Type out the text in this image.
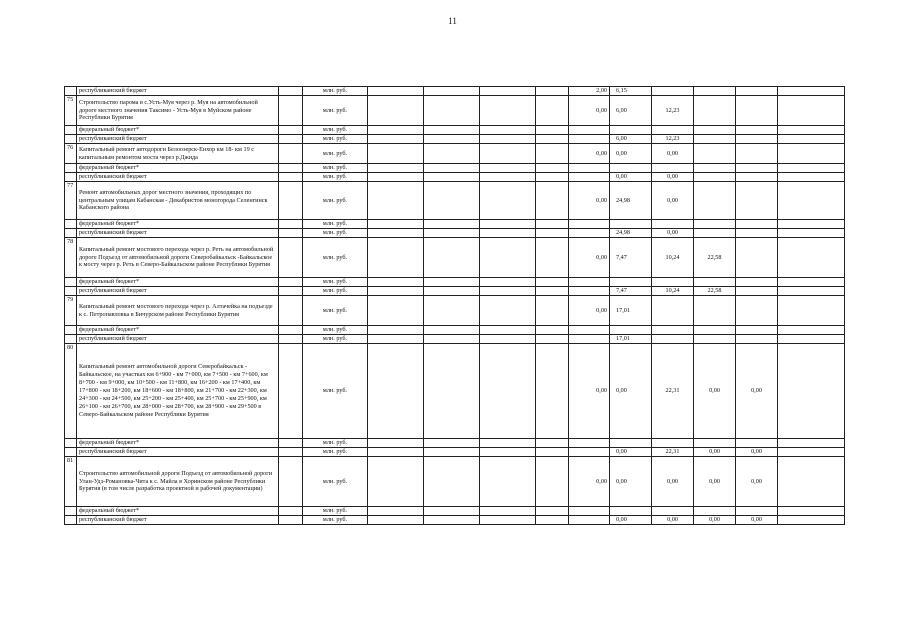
11
	республиканский бюджет		млн. руб.					2,00	6,15				
75	Строительство парома в с.Усть-Муя через р. Муя на автомобильной дороге местного значения Таксимо - Усть-Муя в Муйском районе Республики Бурятия		млн. руб.					0,00	6,00	12,23			
	федеральный бюджет*		млн. руб.										
	республиканский бюджет		млн. руб.						6,00	12,23			
76	Капитальный ремонт автодороги Белоозерск-Енхор км 18- км 19 с капитальным ремонтом моста через р.Джида		млн. руб.					0,00	0,00	0,00			
	федеральный бюджет*		млн. руб.										
	республиканский бюджет		млн. руб.						0,00	0,00			
77	Ремонт автомобильных дорог местного значения, проходящих по центральным улицам Кабанская - Декабристов моногорода Селенгинск Кабанского района		млн. руб.					0,00	24,98	0,00			
	федеральный бюджет*		млн. руб.										
	республиканский бюджет		млн. руб.						24,98	0,00			
78	Капитальный ремонт мостового перехода через р. Реть на автомобильной дороге Подъезд от автомобильной дороги Северобайкальск -Байкальское к мосту через р. Реть в Северо-Байкальском районе Республики Бурятия		млн. руб.					0,00	7,47	10,24	22,58		
	федеральный бюджет*		млн. руб.										
	республиканский бюджет		млн. руб.						7,47	10,24	22,58		
79	Капитальный ремонт мостового перехода через р. Алтачейка на подъезде к с. Петропавловка в Бичурском районе Республики Бурятия		млн. руб.					0,00	17,01				
	федеральный бюджет*		млн. руб.										
	республиканский бюджет		млн. руб.						17,01				
80	Капитальный ремонт автомобильной дороги Северобайкальск - Байкальское, на участках км 6+900 - км 7+000, км 7+500 - км 7+600, км 8+700 - км 9+000, км 10+500 - км 11+800, км 16+200 - км 17+400, км 17+800 - км 18+200, км 18+600 - км 18+800, км 21+700 - км 22+300, км 24+300 - км 24+500, км 25+200 - км 25+400, км 25+700 - км 25+900, км 26+100 - км 26+700, км 28+000 - км 28+700, км 28+900 - км 29+500 в Северо-Байкальском районе Республики Бурятия		млн. руб.					0,00	0,00	22,31	0,00	0,00	
	федеральный бюджет*		млн. руб.										
	республиканский бюджет		млн. руб.						0,00	22,31	0,00	0,00	
81	Строительство автомобильной дороги Подъезд от автомобильной дороги Улан-Удэ-Романовка-Чита к с. Майла в Хоринском районе Республики Бурятия (в том числе разработка проектной и рабочей документации)		млн. руб.					0,00	0,00	0,00	0,00	0,00	
	федеральный бюджет*		млн. руб.										
	республиканский бюджет		млн. руб.						0,00	0,00	0,00	0,00	
